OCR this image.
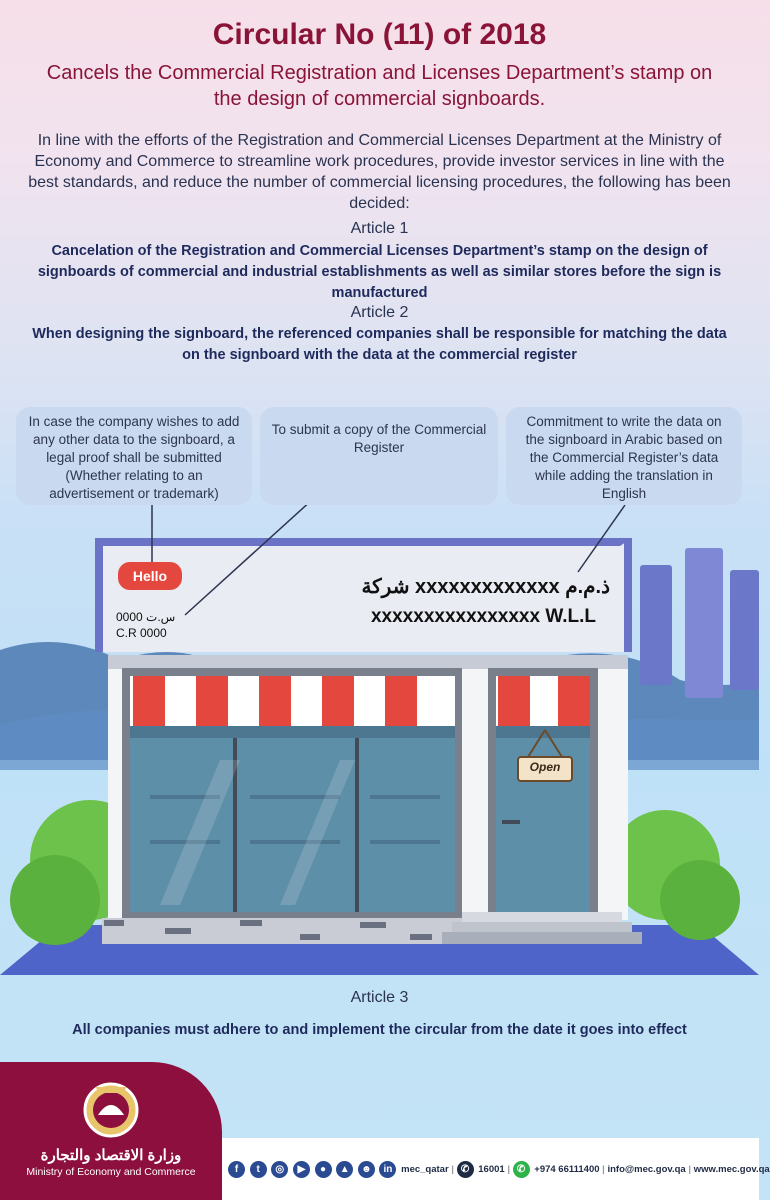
Circular No (11) of 2018
Cancels the Commercial Registration and Licenses Department’s stamp on the design of commercial signboards.
In line with the efforts of the Registration and Commercial Licenses Department at the Ministry of Economy and Commerce to streamline work procedures, provide investor services in line with the best standards, and reduce the number of commercial licensing procedures, the following has been decided:
Article 1
Cancelation of the Registration and Commercial Licenses Department’s stamp on the design of signboards of commercial and industrial establishments as well as similar stores before the sign is manufactured
Article 2
When designing the signboard, the referenced companies shall be responsible for matching the data on the signboard with the data at the commercial register
Hello
س.ت 0000
C.R 0000
شركة xxxxxxxxxxxxx ذ.م.م
xxxxxxxxxxxxxxxx W.L.L
Open
In case the company wishes to add any other data to the signboard, a legal proof shall be submitted (Whether relating to an advertisement or trademark)
To submit a copy of the Commercial Register
Commitment to write the data on the signboard in Arabic based on the Commercial Register’s data while adding the translation in English
Article 3
All companies must adhere to and implement the circular from the date it goes into effect
وزارة الاقتصاد والتجارة
Ministry of Economy and Commerce	f t ◎ ▶ ● ▲ ☻ in mec_qatar | ✆ 16001 | ✆ +974 66111400 | info@mec.gov.qa | www.mec.gov.qa
